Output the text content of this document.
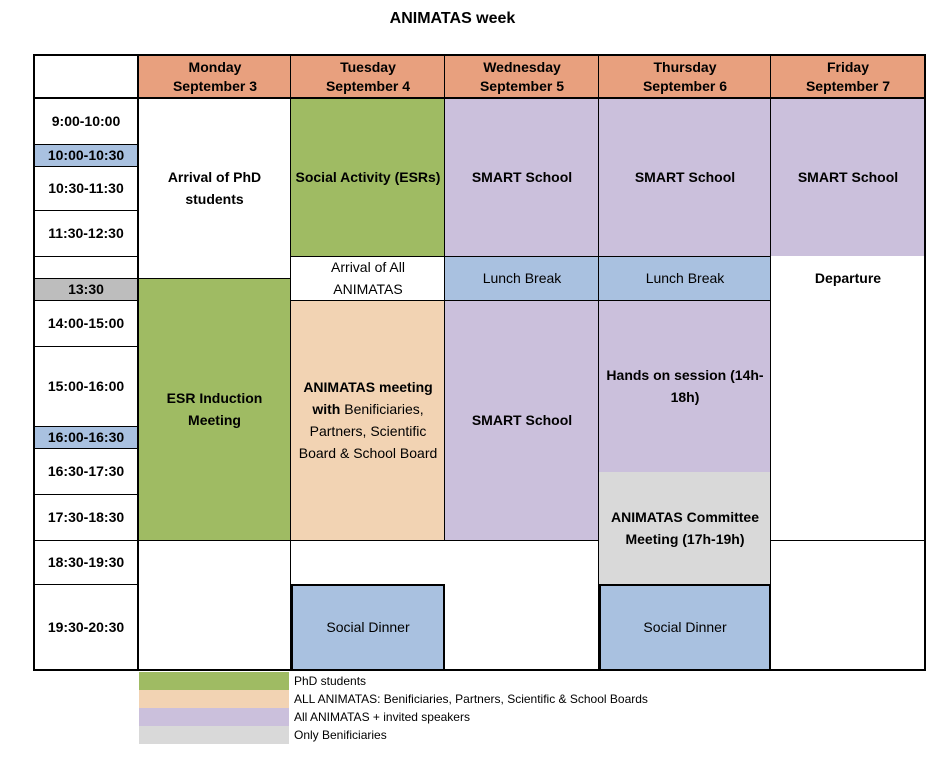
ANIMATAS week
Monday
September 3
Tuesday
September 4
Wednesday
September 5
Thursday
September 6
Friday
September 7
9:00-10:00
10:00-10:30
10:30-11:30
11:30-12:30
13:30
14:00-15:00
15:00-16:00
16:00-16:30
16:30-17:30
17:30-18:30
18:30-19:30
19:30-20:30
Arrival of PhD students
ESR Induction Meeting
Social Activity (ESRs)
Arrival of All ANIMATAS
ANIMATAS meeting with Benificiaries, Partners, Scientific Board & School Board
Social Dinner
SMART School
Lunch Break
SMART School
SMART School
Lunch Break
Hands on session (14h-18h)
ANIMATAS Committee Meeting (17h-19h)
Social Dinner
SMART School
Departure
PhD students
ALL ANIMATAS: Benificiaries, Partners, Scientific & School Boards
All ANIMATAS + invited speakers
Only Benificiaries
